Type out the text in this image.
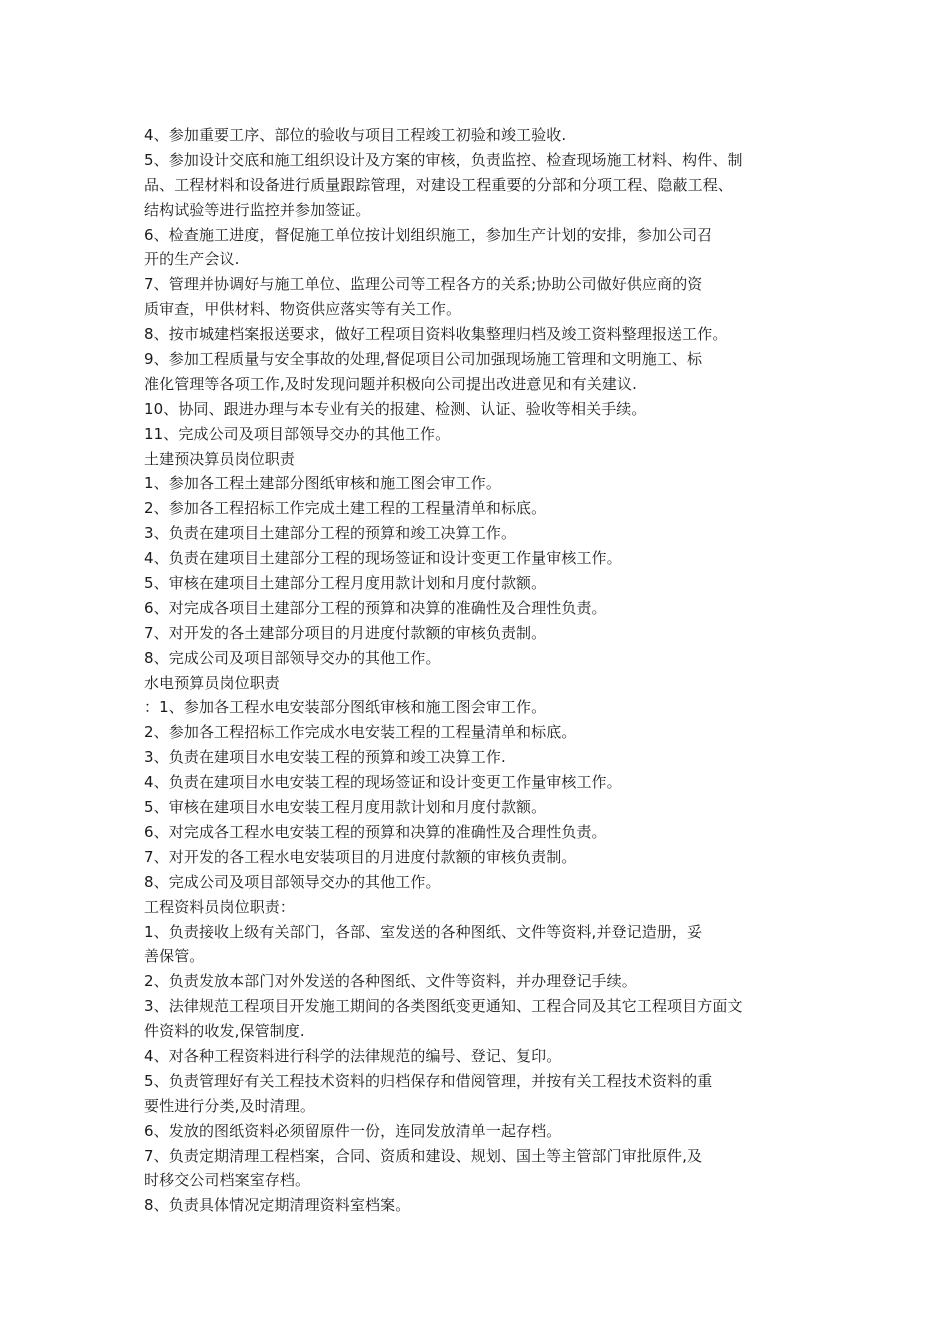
4、参加重要工序、部位的验收与项目工程竣工初验和竣工验收.
5、参加设计交底和施工组织设计及方案的审核，负责监控、检查现场施工材料、构件、制
品、工程材料和设备进行质量跟踪管理，对建设工程重要的分部和分项工程、隐蔽工程、
结构试验等进行监控并参加签证。
6、检查施工进度，督促施工单位按计划组织施工，参加生产计划的安排，参加公司召
开的生产会议.
7、管理并协调好与施工单位、监理公司等工程各方的关系;协助公司做好供应商的资
质审查，甲供材料、物资供应落实等有关工作。
8、按市城建档案报送要求，做好工程项目资料收集整理归档及竣工资料整理报送工作。
9、参加工程质量与安全事故的处理,督促项目公司加强现场施工管理和文明施工、标
准化管理等各项工作,及时发现问题并积极向公司提出改进意见和有关建议.
10、协同、跟进办理与本专业有关的报建、检测、认证、验收等相关手续。
11、完成公司及项目部领导交办的其他工作。
土建预决算员岗位职责
1、参加各工程土建部分图纸审核和施工图会审工作。
2、参加各工程招标工作完成土建工程的工程量清单和标底。
3、负责在建项目土建部分工程的预算和竣工决算工作。
4、负责在建项目土建部分工程的现场签证和设计变更工作量审核工作。
5、审核在建项目土建部分工程月度用款计划和月度付款额。
6、对完成各项目土建部分工程的预算和决算的准确性及合理性负责。
7、对开发的各土建部分项目的月进度付款额的审核负责制。
8、完成公司及项目部领导交办的其他工作。
水电预算员岗位职责
：1、参加各工程水电安装部分图纸审核和施工图会审工作。
2、参加各工程招标工作完成水电安装工程的工程量清单和标底。
3、负责在建项目水电安装工程的预算和竣工决算工作.
4、负责在建项目水电安装工程的现场签证和设计变更工作量审核工作。
5、审核在建项目水电安装工程月度用款计划和月度付款额。
6、对完成各工程水电安装工程的预算和决算的准确性及合理性负责。
7、对开发的各工程水电安装项目的月进度付款额的审核负责制。
8、完成公司及项目部领导交办的其他工作。
工程资料员岗位职责：
1、负责接收上级有关部门，各部、室发送的各种图纸、文件等资料,并登记造册，妥
善保管。
2、负责发放本部门对外发送的各种图纸、文件等资料，并办理登记手续。
3、法律规范工程项目开发施工期间的各类图纸变更通知、工程合同及其它工程项目方面文
件资料的收发,保管制度.
4、对各种工程资料进行科学的法律规范的编号、登记、复印。
5、负责管理好有关工程技术资料的归档保存和借阅管理，并按有关工程技术资料的重
要性进行分类,及时清理。
6、发放的图纸资料必须留原件一份，连同发放清单一起存档。
7、负责定期清理工程档案，合同、资质和建设、规划、国土等主管部门审批原件,及
时移交公司档案室存档。
8、负责具体情况定期清理资料室档案。
